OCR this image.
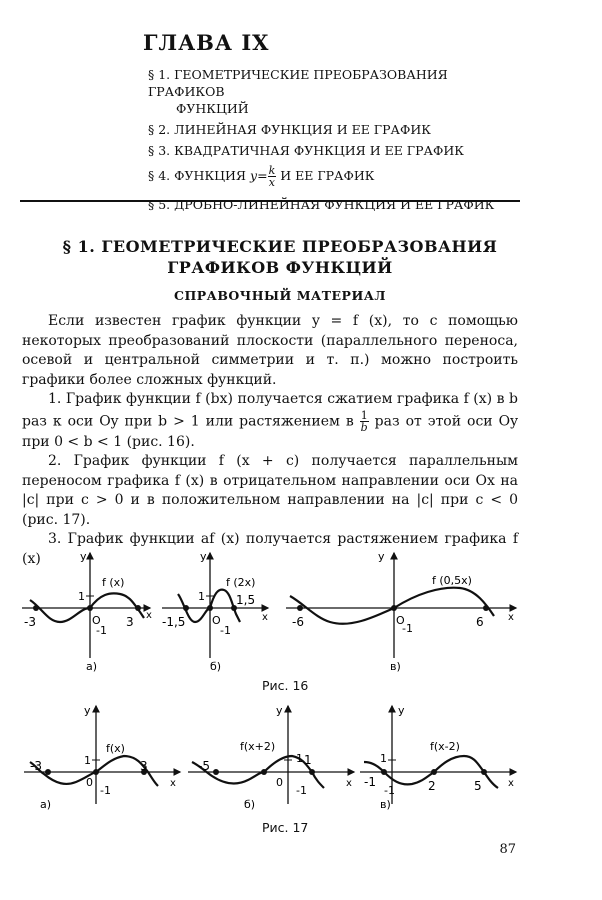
ГЛАВА IX
§ 1. ГЕОМЕТРИЧЕСКИЕ ПРЕОБРАЗОВАНИЯ ГРАФИКОВ
ФУНКЦИЙ
§ 2. ЛИНЕЙНАЯ ФУНКЦИЯ И ЕЕ ГРАФИК
§ 3. КВАДРАТИЧНАЯ ФУНКЦИЯ И ЕЕ ГРАФИК
§ 4. ФУНКЦИЯ $y= \frac{k}{x}$ И ЕЕ ГРАФИК
§ 5. ДРОБНО-ЛИНЕЙНАЯ ФУНКЦИЯ И ЕЕ ГРАФИК
§ 1. ГЕОМЕТРИЧЕСКИЕ ПРЕОБРАЗОВАНИЯ
ГРАФИКОВ ФУНКЦИЙ
СПРАВОЧНЫЙ МАТЕРИАЛ

Если известен график функции y = f (x), то с помощью некоторых преобразований плоскости (параллельного переноса, осевой и центральной симметрии и т. п.) можно построить графики более сложных функций.

1. График функции f (bx) получается сжатием графика f (x) в b раз к оси Oy при b > 1 или растяжением в $\frac{1}{b}$ раз от этой оси Oy при 0 < b < 1 (рис. 16).

2. График функции f (x + c) получается параллельным переносом графика f (x) в отрицательном направлении оси Ox на |c| при c > 0 и в положительном направлении на |c| при c < 0 (рис. 17).

3. График функции af (x) получается растяжением графика f (x)	y
x
f (x)
-3	3
1
O
-1
а)
y
x
f (2x)
-1,5
1,5
1
O
-1
б)
y
x
f (0,5x)
-6	6
O
-1
в)
Рис. 16
y
x
f(x)
-3	3
1
0
-1
а)
y
x
f(x+2)
-5	1
1
0
-1
б)
y
x
f(x-2)
-1	2	5
1
-1
в)
Рис. 17
87
